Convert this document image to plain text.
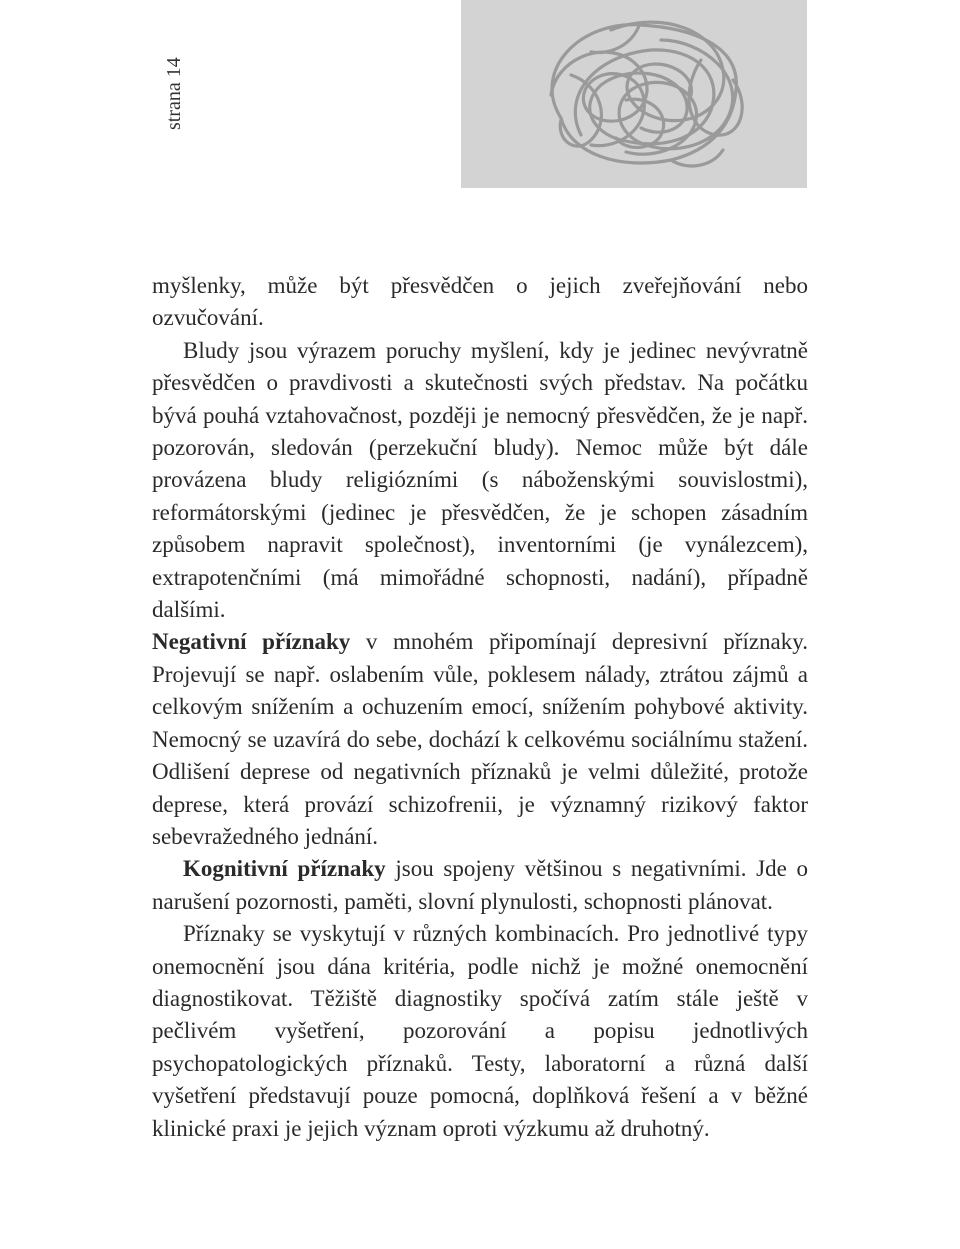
strana 14

myšlenky, může být přesvědčen o jejich zveřejňování nebo ozvučování.

Bludy jsou výrazem poruchy myšlení, kdy je jedinec nevývratně přesvědčen o pravdivosti a skutečnosti svých představ. Na počátku bývá pouhá vztahovačnost, později je nemocný přesvědčen, že je např. pozorován, sledován (perzekuční bludy). Nemoc může být dále provázena bludy religiózními (s náboženskými souvislostmi), reformátorskými (jedinec je přesvědčen, že je schopen zásadním způsobem napravit společnost), inventorními (je vynálezcem), extrapotenčními (má mimořádné schopnosti, nadání), případně dalšími.

Negativní příznaky v mnohém připomínají depresivní příznaky. Projevují se např. oslabením vůle, poklesem nálady, ztrátou zájmů a celkovým snížením a ochuzením emocí, snížením pohybové aktivity. Nemocný se uzavírá do sebe, dochází k celkovému sociálnímu stažení. Odlišení deprese od negativních příznaků je velmi důležité, protože deprese, která provází schizofrenii, je významný rizikový faktor sebevražedného jednání.

Kognitivní příznaky jsou spojeny většinou s negativními. Jde o narušení pozornosti, paměti, slovní plynulosti, schopnosti plánovat.

Příznaky se vyskytují v různých kombinacích. Pro jednotlivé typy onemocnění jsou dána kritéria, podle nichž je možné onemocnění diagnostikovat. Těžiště diagnostiky spočívá zatím stále ještě v pečlivém vyšetření, pozorování a popisu jednotlivých psychopatologických příznaků. Testy, laboratorní a různá další vyšetření představují pouze pomocná, doplňková řešení a v běžné klinické praxi je jejich význam oproti výzkumu až druhotný.
